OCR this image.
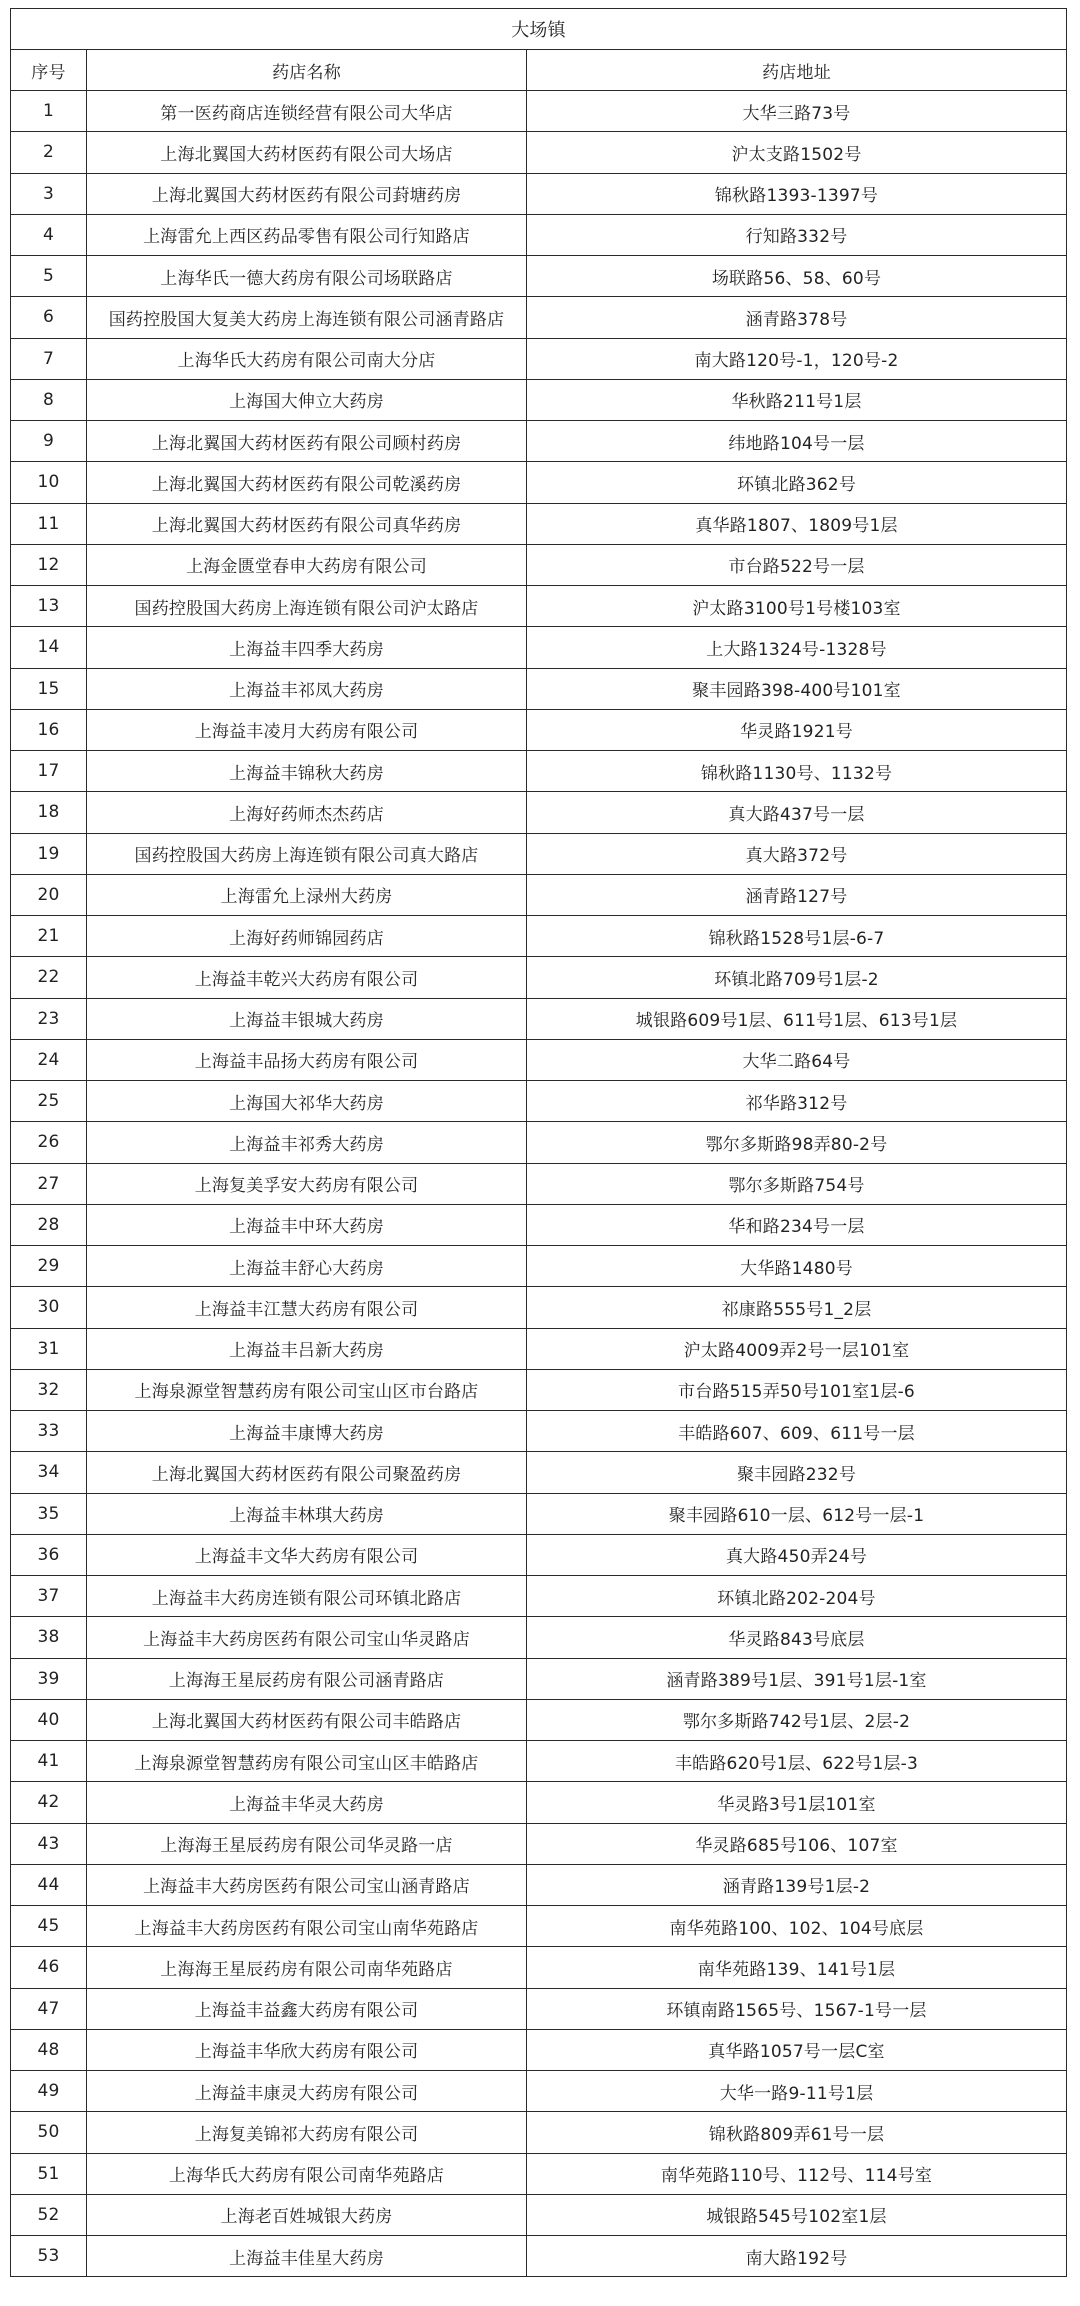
大场镇		
序号	药店名称	药店地址
1	第一医药商店连锁经营有限公司大华店	大华三路73号
2	上海北翼国大药材医药有限公司大场店	沪太支路1502号
3	上海北翼国大药材医药有限公司葑塘药房	锦秋路1393-1397号
4	上海雷允上西区药品零售有限公司行知路店	行知路332号
5	上海华氏一德大药房有限公司场联路店	场联路56、58、60号
6	国药控股国大复美大药房上海连锁有限公司涵青路店	涵青路378号
7	上海华氏大药房有限公司南大分店	南大路120号-1，120号-2
8	上海国大伸立大药房	华秋路211号1层
9	上海北翼国大药材医药有限公司顾村药房	纬地路104号一层
10	上海北翼国大药材医药有限公司乾溪药房	环镇北路362号
11	上海北翼国大药材医药有限公司真华药房	真华路1807、1809号1层
12	上海金匮堂春申大药房有限公司	市台路522号一层
13	国药控股国大药房上海连锁有限公司沪太路店	沪太路3100号1号楼103室
14	上海益丰四季大药房	上大路1324号-1328号
15	上海益丰祁凤大药房	聚丰园路398-400号101室
16	上海益丰凌月大药房有限公司	华灵路1921号
17	上海益丰锦秋大药房	锦秋路1130号、1132号
18	上海好药师杰杰药店	真大路437号一层
19	国药控股国大药房上海连锁有限公司真大路店	真大路372号
20	上海雷允上渌州大药房	涵青路127号
21	上海好药师锦园药店	锦秋路1528号1层-6-7
22	上海益丰乾兴大药房有限公司	环镇北路709号1层-2
23	上海益丰银城大药房	城银路609号1层、611号1层、613号1层
24	上海益丰品扬大药房有限公司	大华二路64号
25	上海国大祁华大药房	祁华路312号
26	上海益丰祁秀大药房	鄂尔多斯路98弄80-2号
27	上海复美孚安大药房有限公司	鄂尔多斯路754号
28	上海益丰中环大药房	华和路234号一层
29	上海益丰舒心大药房	大华路1480号
30	上海益丰江慧大药房有限公司	祁康路555号1_2层
31	上海益丰吕新大药房	沪太路4009弄2号一层101室
32	上海泉源堂智慧药房有限公司宝山区市台路店	市台路515弄50号101室1层-6
33	上海益丰康博大药房	丰皓路607、609、611号一层
34	上海北翼国大药材医药有限公司聚盈药房	聚丰园路232号
35	上海益丰林琪大药房	聚丰园路610一层、612号一层-1
36	上海益丰文华大药房有限公司	真大路450弄24号
37	上海益丰大药房连锁有限公司环镇北路店	环镇北路202-204号
38	上海益丰大药房医药有限公司宝山华灵路店	华灵路843号底层
39	上海海王星辰药房有限公司涵青路店	涵青路389号1层、391号1层-1室
40	上海北翼国大药材医药有限公司丰皓路店	鄂尔多斯路742号1层、2层-2
41	上海泉源堂智慧药房有限公司宝山区丰皓路店	丰皓路620号1层、622号1层-3
42	上海益丰华灵大药房	华灵路3号1层101室
43	上海海王星辰药房有限公司华灵路一店	华灵路685号106、107室
44	上海益丰大药房医药有限公司宝山涵青路店	涵青路139号1层-2
45	上海益丰大药房医药有限公司宝山南华苑路店	南华苑路100、102、104号底层
46	上海海王星辰药房有限公司南华苑路店	南华苑路139、141号1层
47	上海益丰益鑫大药房有限公司	环镇南路1565号、1567-1号一层
48	上海益丰华欣大药房有限公司	真华路1057号一层C室
49	上海益丰康灵大药房有限公司	大华一路9-11号1层
50	上海复美锦祁大药房有限公司	锦秋路809弄61号一层
51	上海华氏大药房有限公司南华苑路店	南华苑路110号、112号、114号室
52	上海老百姓城银大药房	城银路545号102室1层
53	上海益丰佳星大药房	南大路192号
